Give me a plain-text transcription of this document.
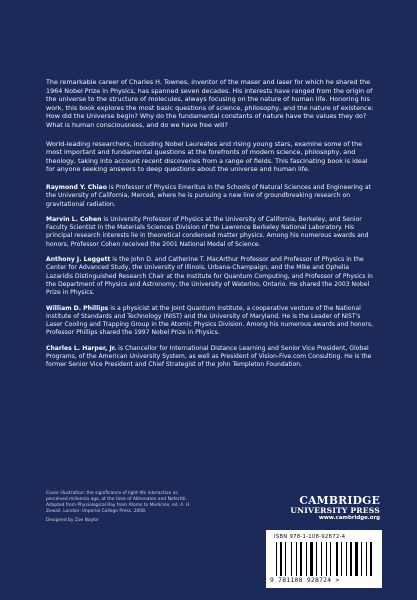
The remarkable career of Charles H. Townes, inventor of the maser and laser for which he shared the 1964 Nobel Prize in Physics, has spanned seven decades. His interests have ranged from the origin of the universe to the structure of molecules, always focusing on the nature of human life. Honoring his work, this book explores the most basic questions of science, philosophy, and the nature of existence: How did the Universe begin? Why do the fundamental constants of nature have the values they do? What is human consciousness, and do we have free will?

World-leading researchers, including Nobel Laureates and rising young stars, examine some of the most important and fundamental questions at the forefronts of modern science, philosophy, and theology, taking into account recent discoveries from a range of fields. This fascinating book is ideal for anyone seeking answers to deep questions about the universe and human life.

Raymond Y. Chiao is Professor of Physics Emeritus in the Schools of Natural Sciences and Engineering at the University of California, Merced, where he is pursuing a new line of groundbreaking research on gravitational radiation.

Marvin L. Cohen is University Professor of Physics at the University of California, Berkeley, and Senior Faculty Scientist in the Materials Sciences Division of the Lawrence Berkeley National Laboratory. His principal research interests lie in theoretical condensed matter physics. Among his numerous awards and honors, Professor Cohen received the 2001 National Medal of Science.

Anthony J. Leggett is the John D. and Catherine T. MacArthur Professor and Professor of Physics in the Center for Advanced Study, the University of Illinois, Urbana-Champaign, and the Mike and Ophelia Lazaridis Distinguished Research Chair at the Institute for Quantum Computing, and Professor of Physics in the Department of Physics and Astronomy, the University of Waterloo, Ontario. He shared the 2003 Nobel Prize in Physics.

William D. Phillips is a physicist at the Joint Quantum Institute, a cooperative venture of the National Institute of Standards and Technology (NIST) and the University of Maryland. He is the Leader of NIST's Laser Cooling and Trapping Group in the Atomic Physics Division. Among his numerous awards and honors, Professor Phillips shared the 1997 Nobel Prize in Physics.

Charles L. Harper, Jr. is Chancellor for International Distance Learning and Senior Vice President, Global Programs, of the American University System, as well as President of Vision-Five.com Consulting. He is the former Senior Vice President and Chief Strategist of the John Templeton Foundation.

Cover illustration: the significance of light-life interaction as perceived millennia ago, at the time of Akhenaton and Nefertiti. Adapted from Physiological Ray from Atoms to Medicine, ed. A. H. Zewail. London: Imperial College Press, 2008.

Designed by Zoe Naylor

CAMBRIDGE
UNIVERSITY PRESS
www.cambridge.org
ISBN 978-1-108-92872-4
9 781108 928724 >
